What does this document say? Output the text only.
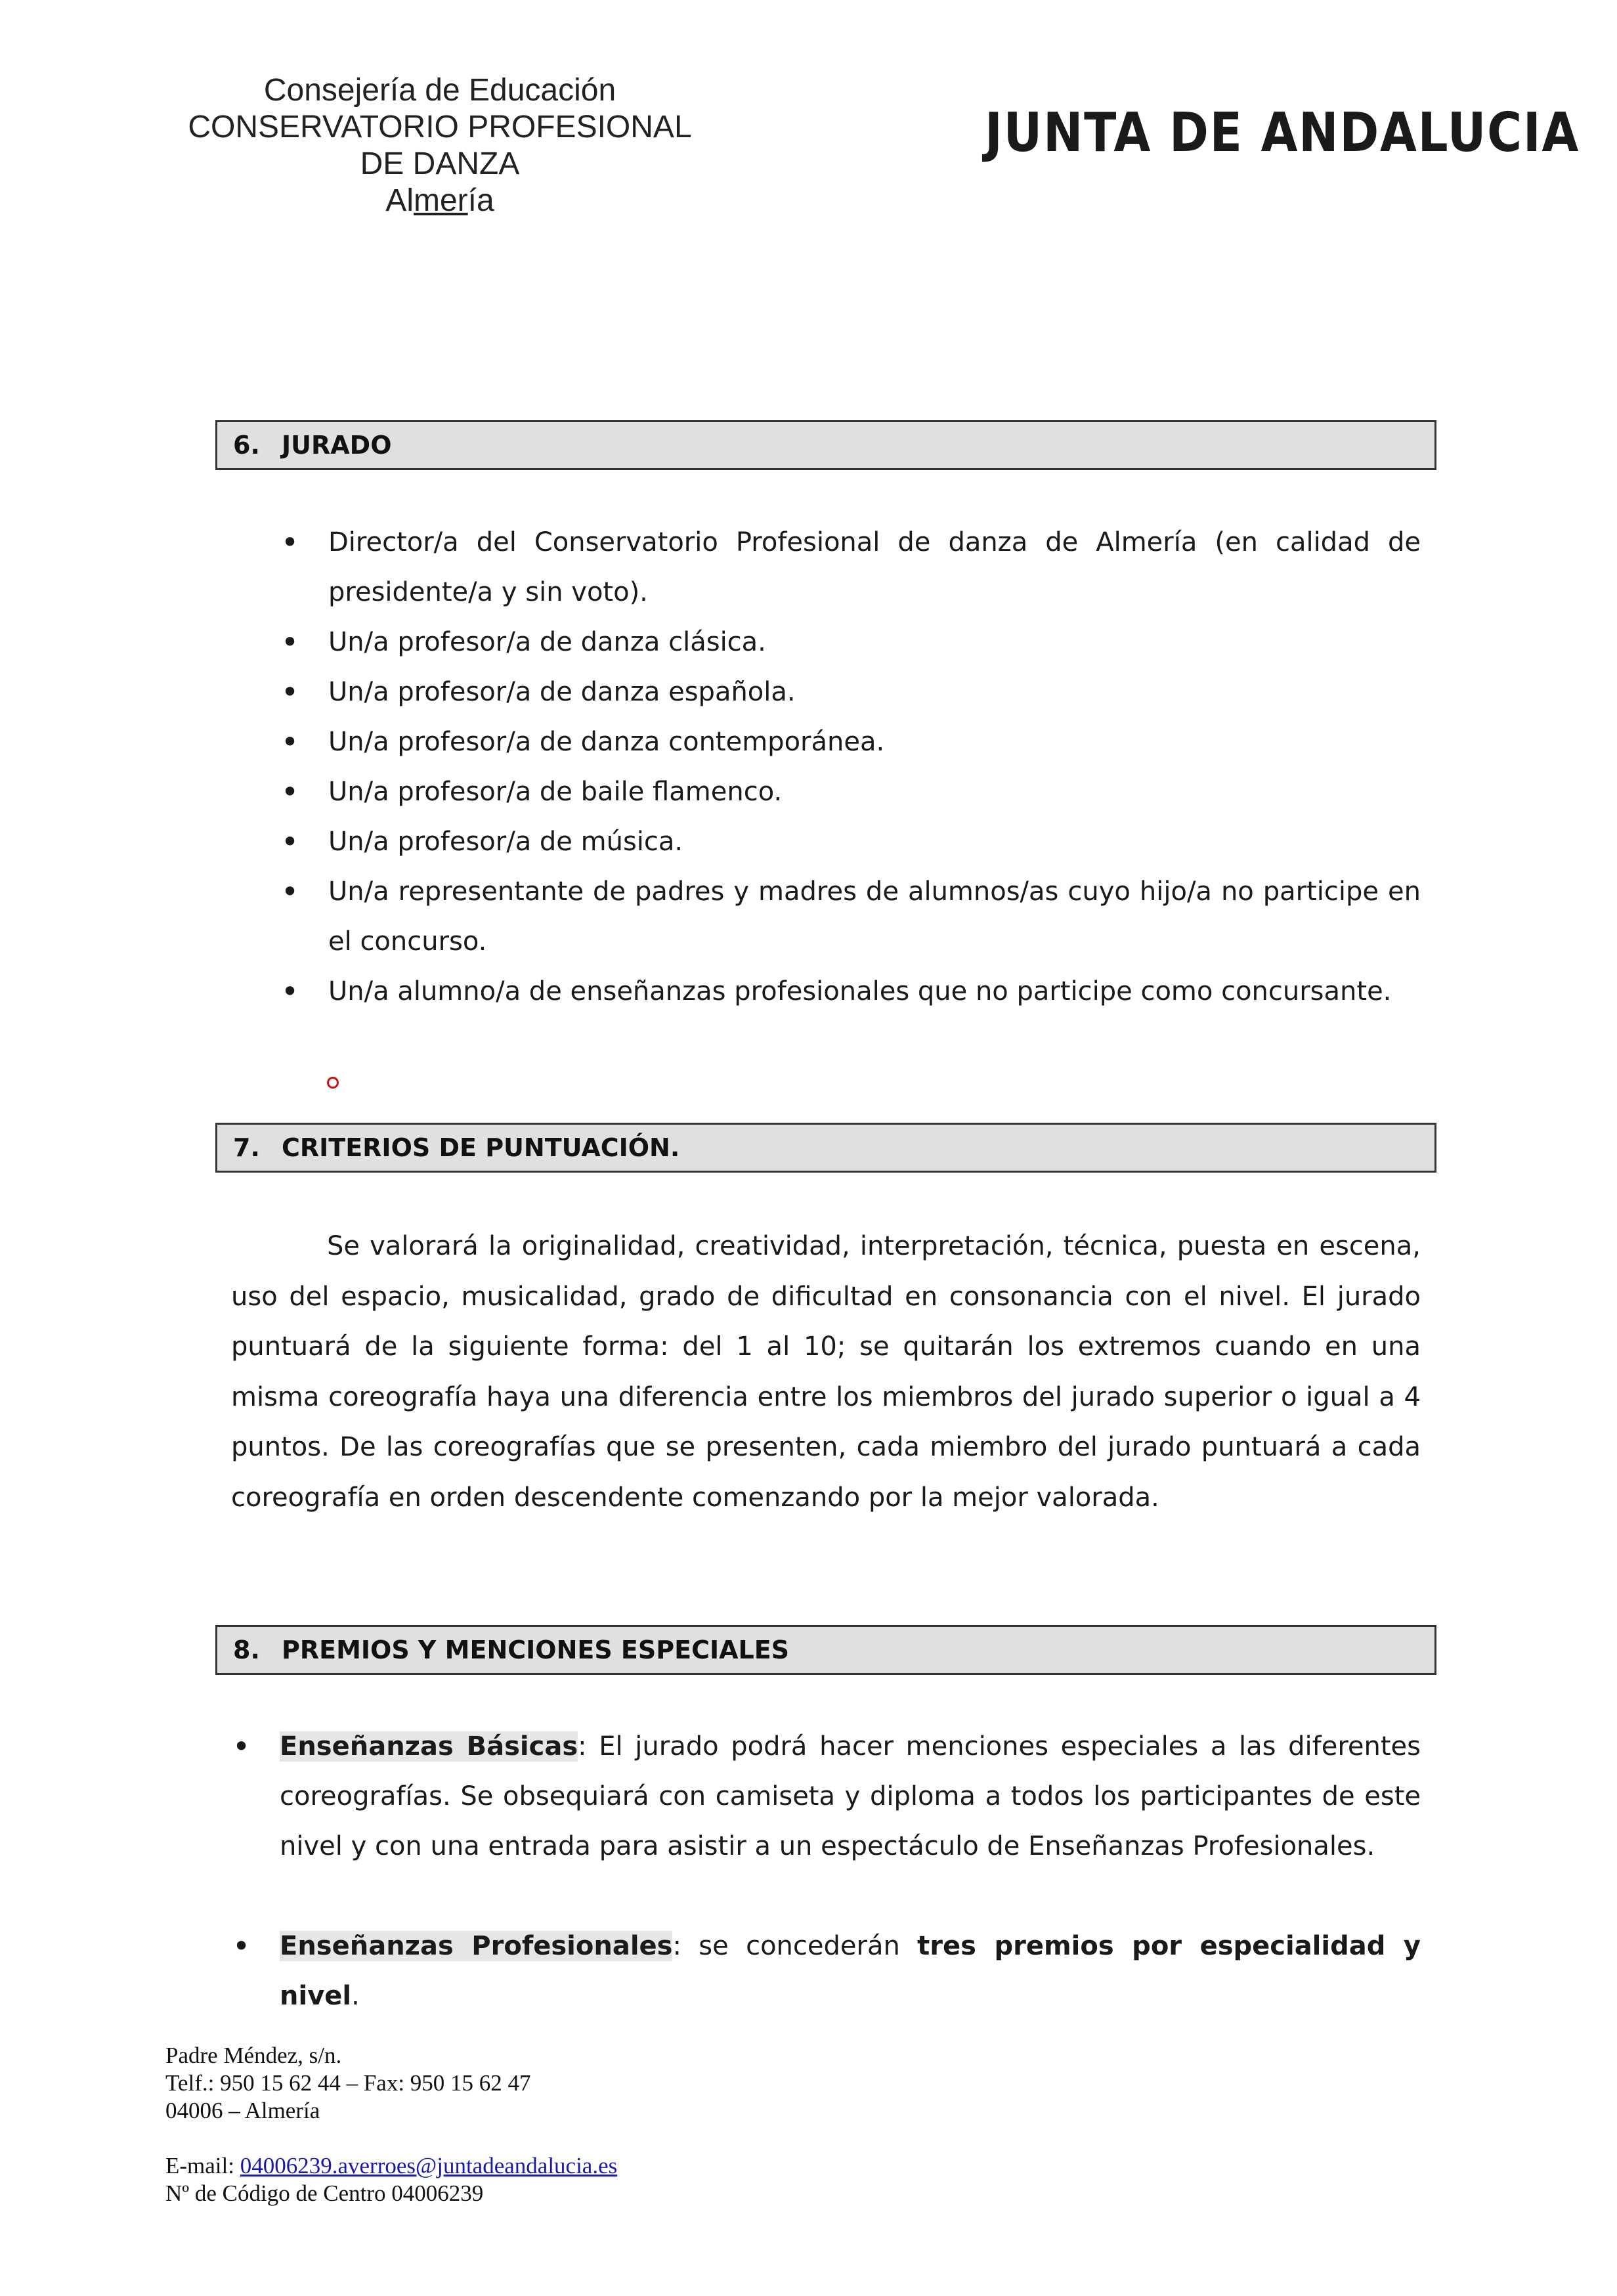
Consejería de Educación
CONSERVATORIO PROFESIONAL
DE DANZA
Almería
JUNTA DE ANDALUCIA
6. JURADO
• Director/a del Conservatorio Profesional de danza de Almería (en calidad de presidente/a y sin voto).
• Un/a profesor/a de danza clásica.
• Un/a profesor/a de danza española.
• Un/a profesor/a de danza contemporánea.
• Un/a profesor/a de baile flamenco.
• Un/a profesor/a de música.
• Un/a representante de padres y madres de alumnos/as cuyo hijo/a no participe en el concurso.
• Un/a alumno/a de enseñanzas profesionales que no participe como concursante.
7. CRITERIOS DE PUNTUACIÓN.
Se valorará la originalidad, creatividad, interpretación, técnica, puesta en escena, uso del espacio, musicalidad, grado de dificultad en consonancia con el nivel. El jurado puntuará de la siguiente forma: del 1 al 10; se quitarán los extremos cuando en una misma coreografía haya una diferencia entre los miembros del jurado superior o igual a 4 puntos. De las coreografías que se presenten, cada miembro del jurado puntuará a cada coreografía en orden descendente comenzando por la mejor valorada.
8. PREMIOS Y MENCIONES ESPECIALES
• Enseñanzas Básicas: El jurado podrá hacer menciones especiales a las diferentes coreografías. Se obsequiará con camiseta y diploma a todos los participantes de este nivel y con una entrada para asistir a un espectáculo de Enseñanzas Profesionales.
• Enseñanzas Profesionales: se concederán tres premios por especialidad y nivel.
Padre Méndez, s/n.
Telf.: 950 15 62 44 – Fax: 950 15 62 47
04006 – Almería
E-mail: 04006239.averroes@juntadeandalucia.es
Nº de Código de Centro 04006239
